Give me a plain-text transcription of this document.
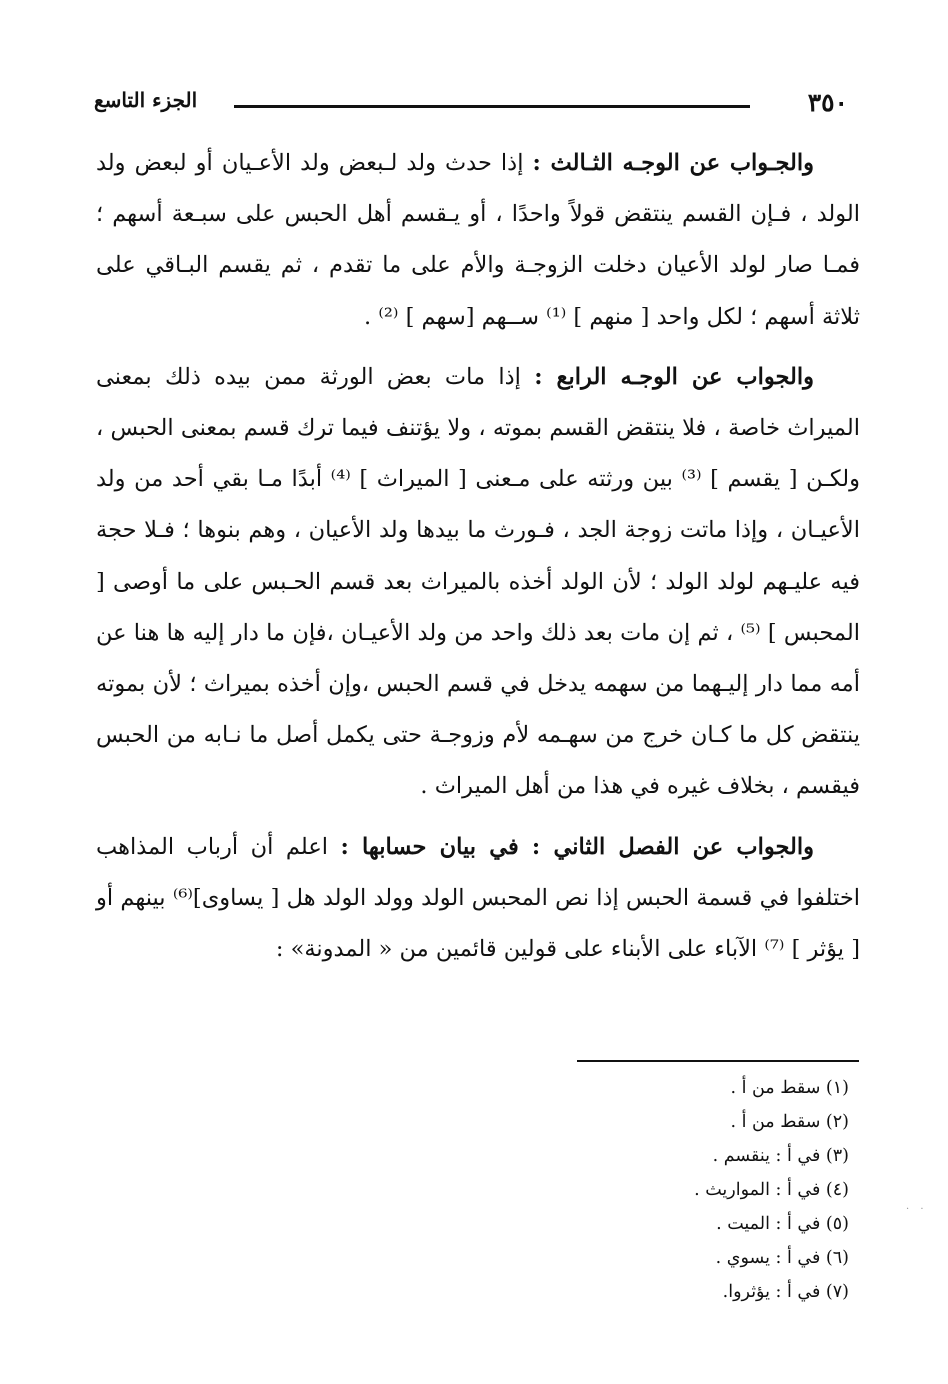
٣٥٠
الجزء التاسع

والجـواب عن الوجـه الثـالث : إذا حدث ولد لـبعض ولد الأعـيان أو لبعض ولد الولد ، فـإن القسم ينتقض قولاً واحدًا ، أو يـقسم أهل الحبس على سبـعة أسهم ؛ فمـا صار لولد الأعيان دخلت الزوجـة والأم على ما تقدم ، ثم يقسم البـاقي على ثلاثة أسهم ؛ لكل واحد [ منهم ] ⁽¹⁾ ســهم [سهم ] ⁽²⁾ .

والجواب عن الوجـه الرابع : إذا مات بعض الورثة ممن بيده ذلك بمعنى الميراث خاصة ، فلا ينتقض القسم بموته ، ولا يؤتنف فيما ترك قسم بمعنى الحبس ، ولكـن [ يقسم ] ⁽³⁾ بين ورثته على مـعنى [ الميراث ] ⁽⁴⁾ أبدًا مـا بقي أحد من ولد الأعيـان ، وإذا ماتت زوجة الجد ، فـورث ما بيدها ولد الأعيان ، وهم بنوها ؛ فـلا حجة فيه عليـهم لولد الولد ؛ لأن الولد أخذه بالميراث بعد قسم الحـبس على ما أوصى [ المحبس ] ⁽⁵⁾ ، ثم إن مات بعد ذلك واحد من ولد الأعيـان ،فإن ما دار إليه ها هنا عن أمه مما دار إليـهما من سهمه يدخل في قسم الحبس ،وإن أخذه بميراث ؛ لأن بموته ينتقض كل ما كـان خرج من سهـمه لأم وزوجـة حتى يكمل أصل ما نـابه من الحبس فيقسم ، بخلاف غيره في هذا من أهل الميراث .

والجواب عن الفصل الثاني : في بيان حسابها : اعلم أن أرباب المذاهب اختلفوا في قسمة الحبس إذا نص المحبس الولد وولد الولد هل [ يساوى]⁽⁶⁾ بينهم أو [ يؤثر ] ⁽⁷⁾ الآباء على الأبناء على قولين قائمين من « المدونة» :

(١) سقط من أ .
(٢) سقط من أ .
(٣) في أ : ينقسم .
(٤) في أ : المواريث .
(٥) في أ : الميت .
(٦) في أ : يسوي .
(٧) في أ : يؤثروا.
· ·
